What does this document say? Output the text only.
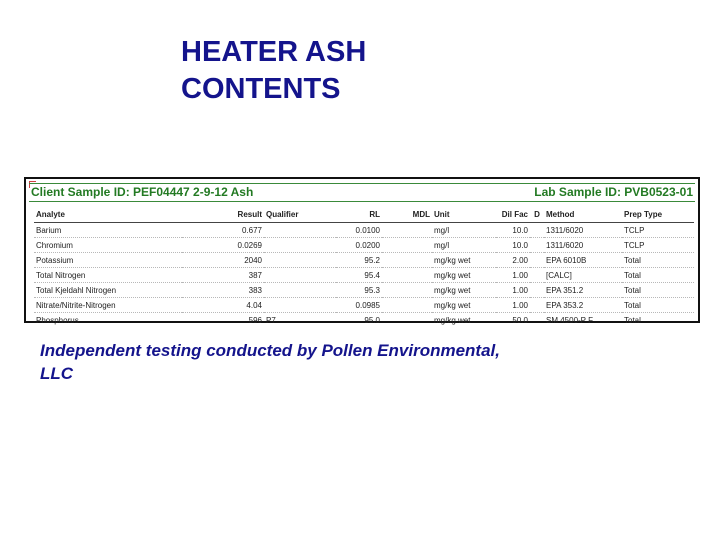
HEATER ASH
CONTENTS
Client Sample ID: PEF04447 2-9-12 Ash	Lab Sample ID: PVB0523-01
Analyte	Result	Qualifier	RL	MDL	Unit	Dil Fac	D	Method	Prep Type
Barium	0.677		0.0100		mg/l	10.0		1311/6020	TCLP
Chromium	0.0269		0.0200		mg/l	10.0		1311/6020	TCLP
Potassium	2040		95.2		mg/kg wet	2.00		EPA 6010B	Total
Total Nitrogen	387		95.4		mg/kg wet	1.00		[CALC]	Total
Total Kjeldahl Nitrogen	383		95.3		mg/kg wet	1.00		EPA 351.2	Total
Nitrate/Nitrite-Nitrogen	4.04		0.0985		mg/kg wet	1.00		EPA 353.2	Total
Phosphorus	596	P7	95.0		mg/kg wet	50.0		SM 4500-P F	Total
Independent testing conducted by Pollen Environmental,
LLC
